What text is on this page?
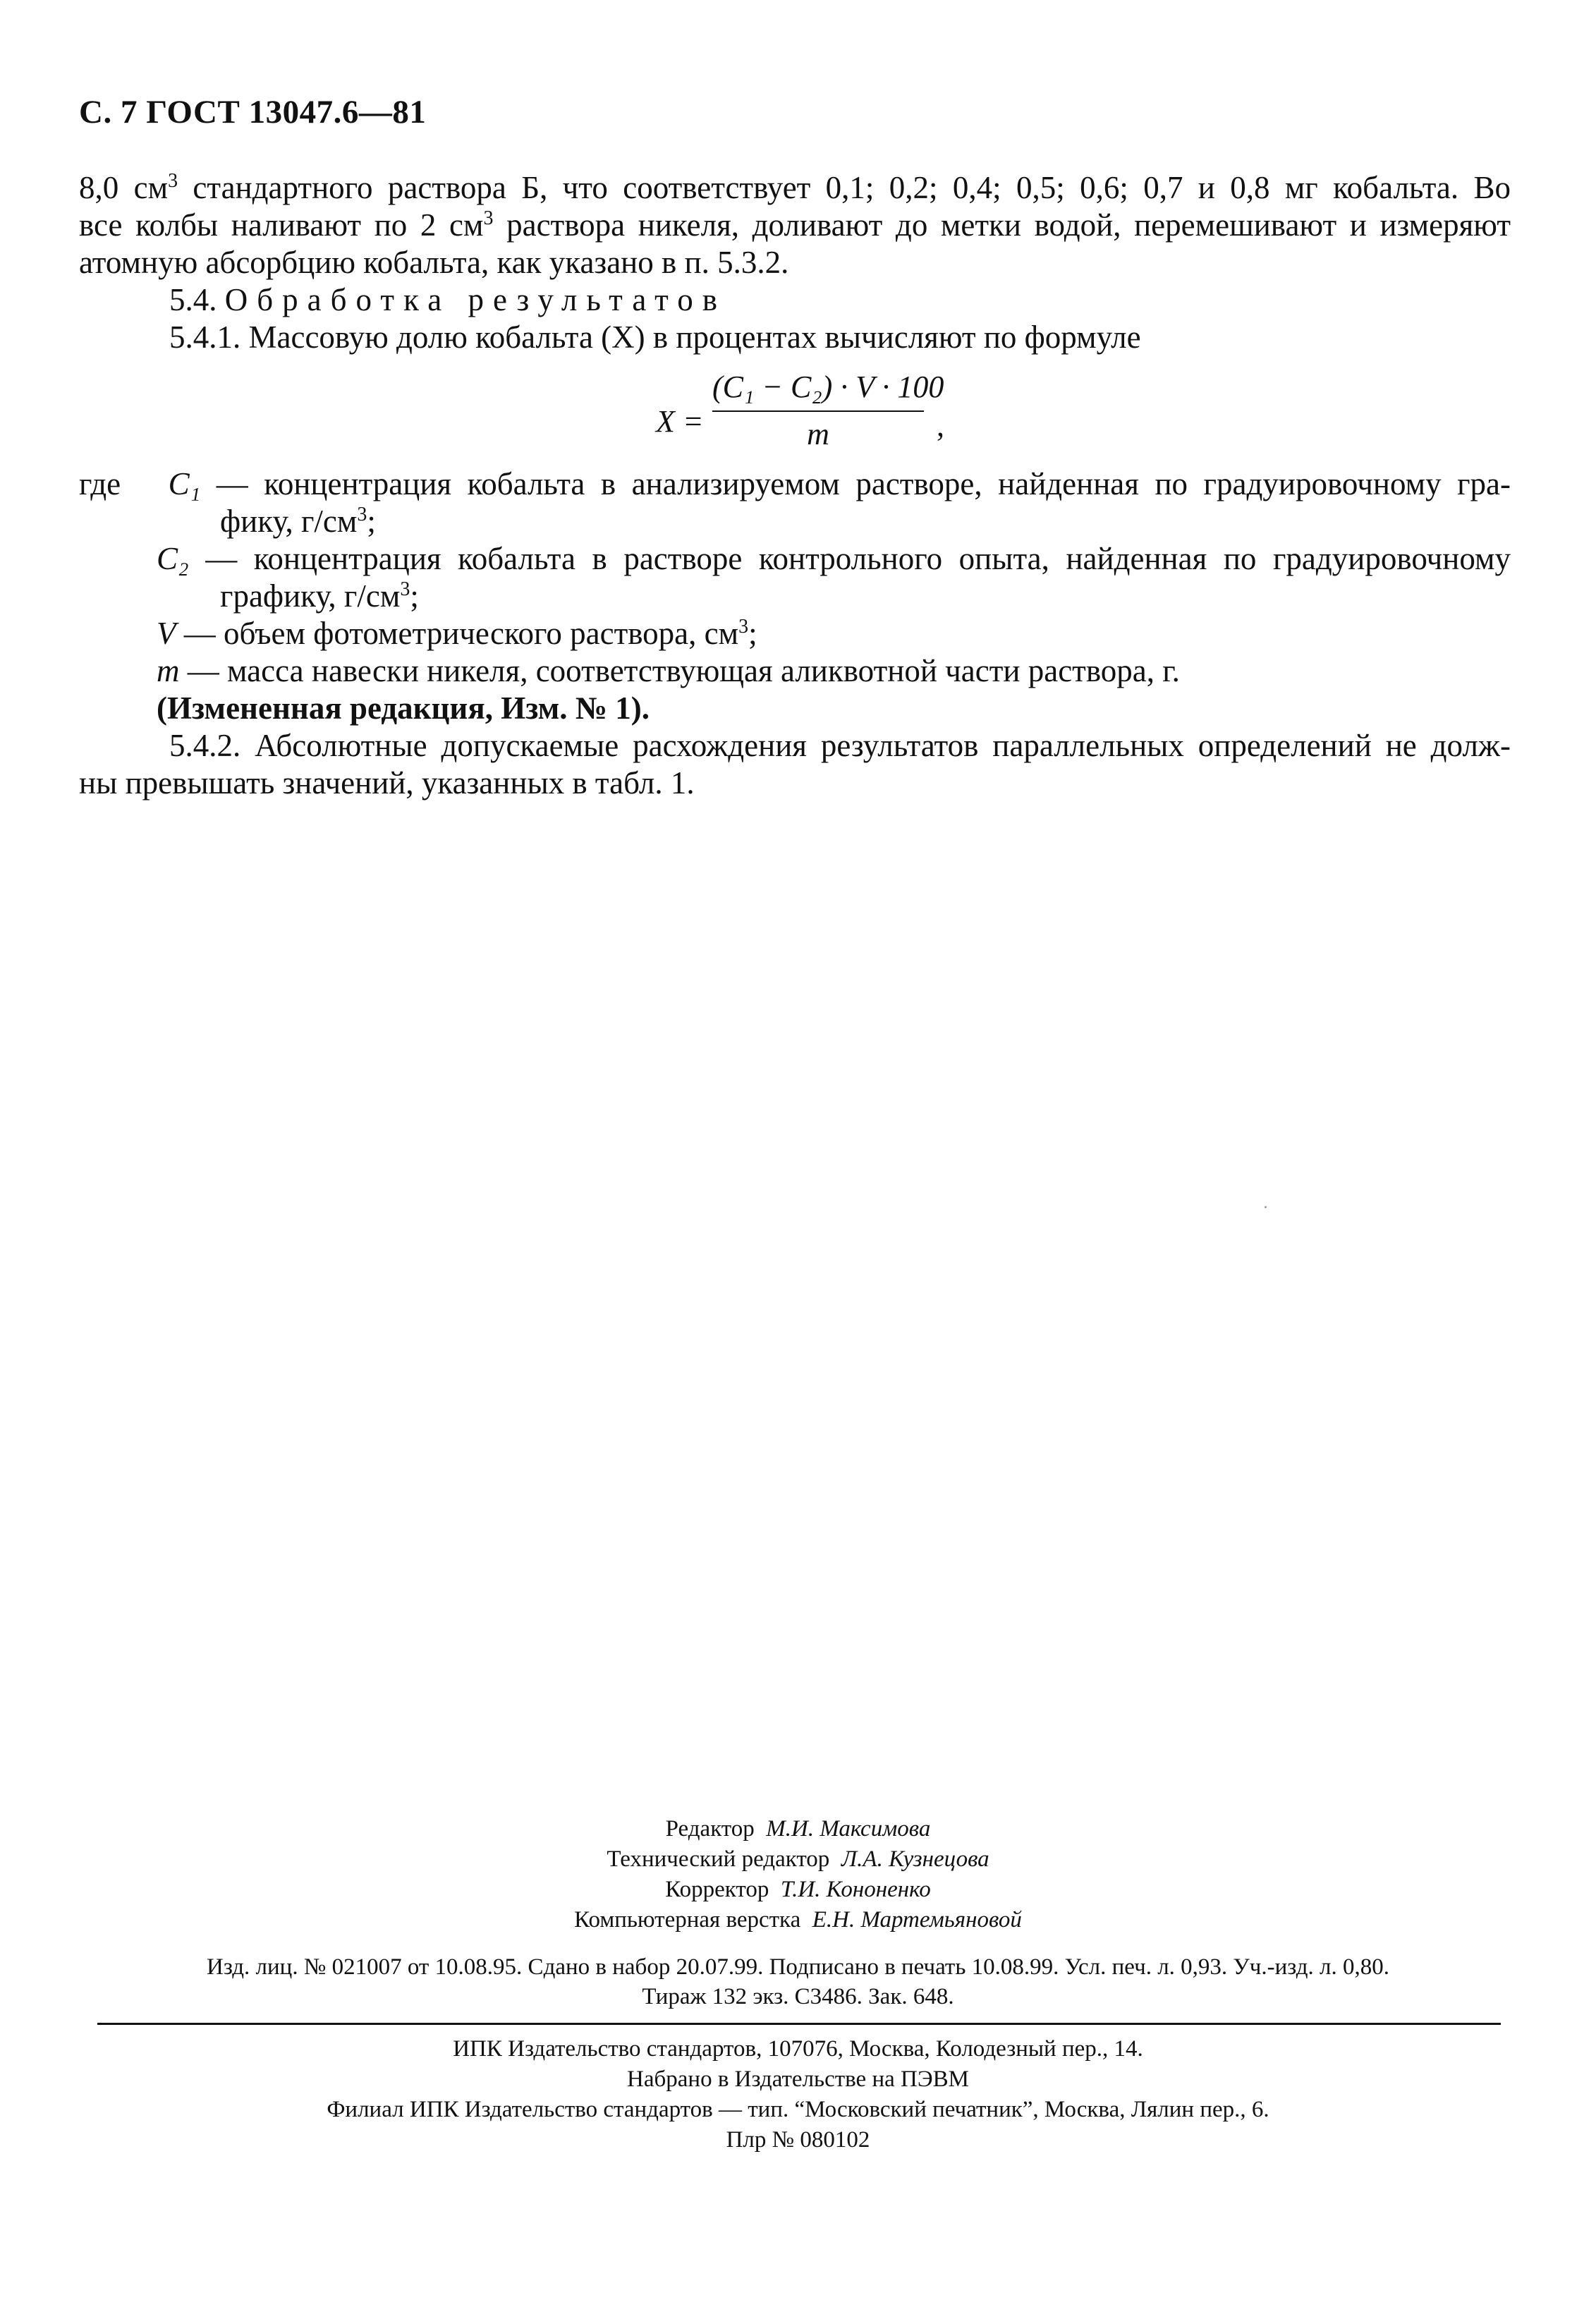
С. 7 ГОСТ 13047.6—81
8,0 $см^3$ стандартного раствора Б, что соответствует 0,1; 0,2; 0,4; 0,5; 0,6; 0,7 и 0,8 мг кобальта. Во
все колбы наливают по 2 $см^3$ раствора никеля, доливают до метки водой, перемешивают и измеряют
атомную абсорбцию кобальта, как указано в п. 5.3.2.
5.4. Обработка результатов
5.4.1. Массовую долю кобальта (X) в процентах вычисляют по формуле
X =
(C₁ − C₂) · V · 100
m	,
где C₁ — концентрация кобальта в анализируемом растворе, найденная по градуировочному гра-
фику, $г/см^3$;
C₂ — концентрация кобальта в растворе контрольного опыта, найденная по градуировочному
графику, $г/см^3$;
V — объем фотометрического раствора, $см^3$;
m — масса навески никеля, соответствующая аликвотной части раствора, г.
(Измененная редакция, Изм. № 1).
5.4.2. Абсолютные допускаемые расхождения результатов параллельных определений не долж-
ны превышать значений, указанных в табл. 1.
Редактор М.И. Максимова
Технический редактор Л.А. Кузнецова
Корректор Т.И. Кононенко
Компьютерная верстка Е.Н. Мартемьяновой
Изд. лиц. № 021007 от 10.08.95. Сдано в набор 20.07.99. Подписано в печать 10.08.99. Усл. печ. л. 0,93. Уч.-изд. л. 0,80.
Тираж 132 экз. С3486. Зак. 648.
ИПК Издательство стандартов, 107076, Москва, Колодезный пер., 14.
Набрано в Издательстве на ПЭВМ
Филиал ИПК Издательство стандартов — тип. “Московский печатник”, Москва, Лялин пер., 6.
Плр № 080102
